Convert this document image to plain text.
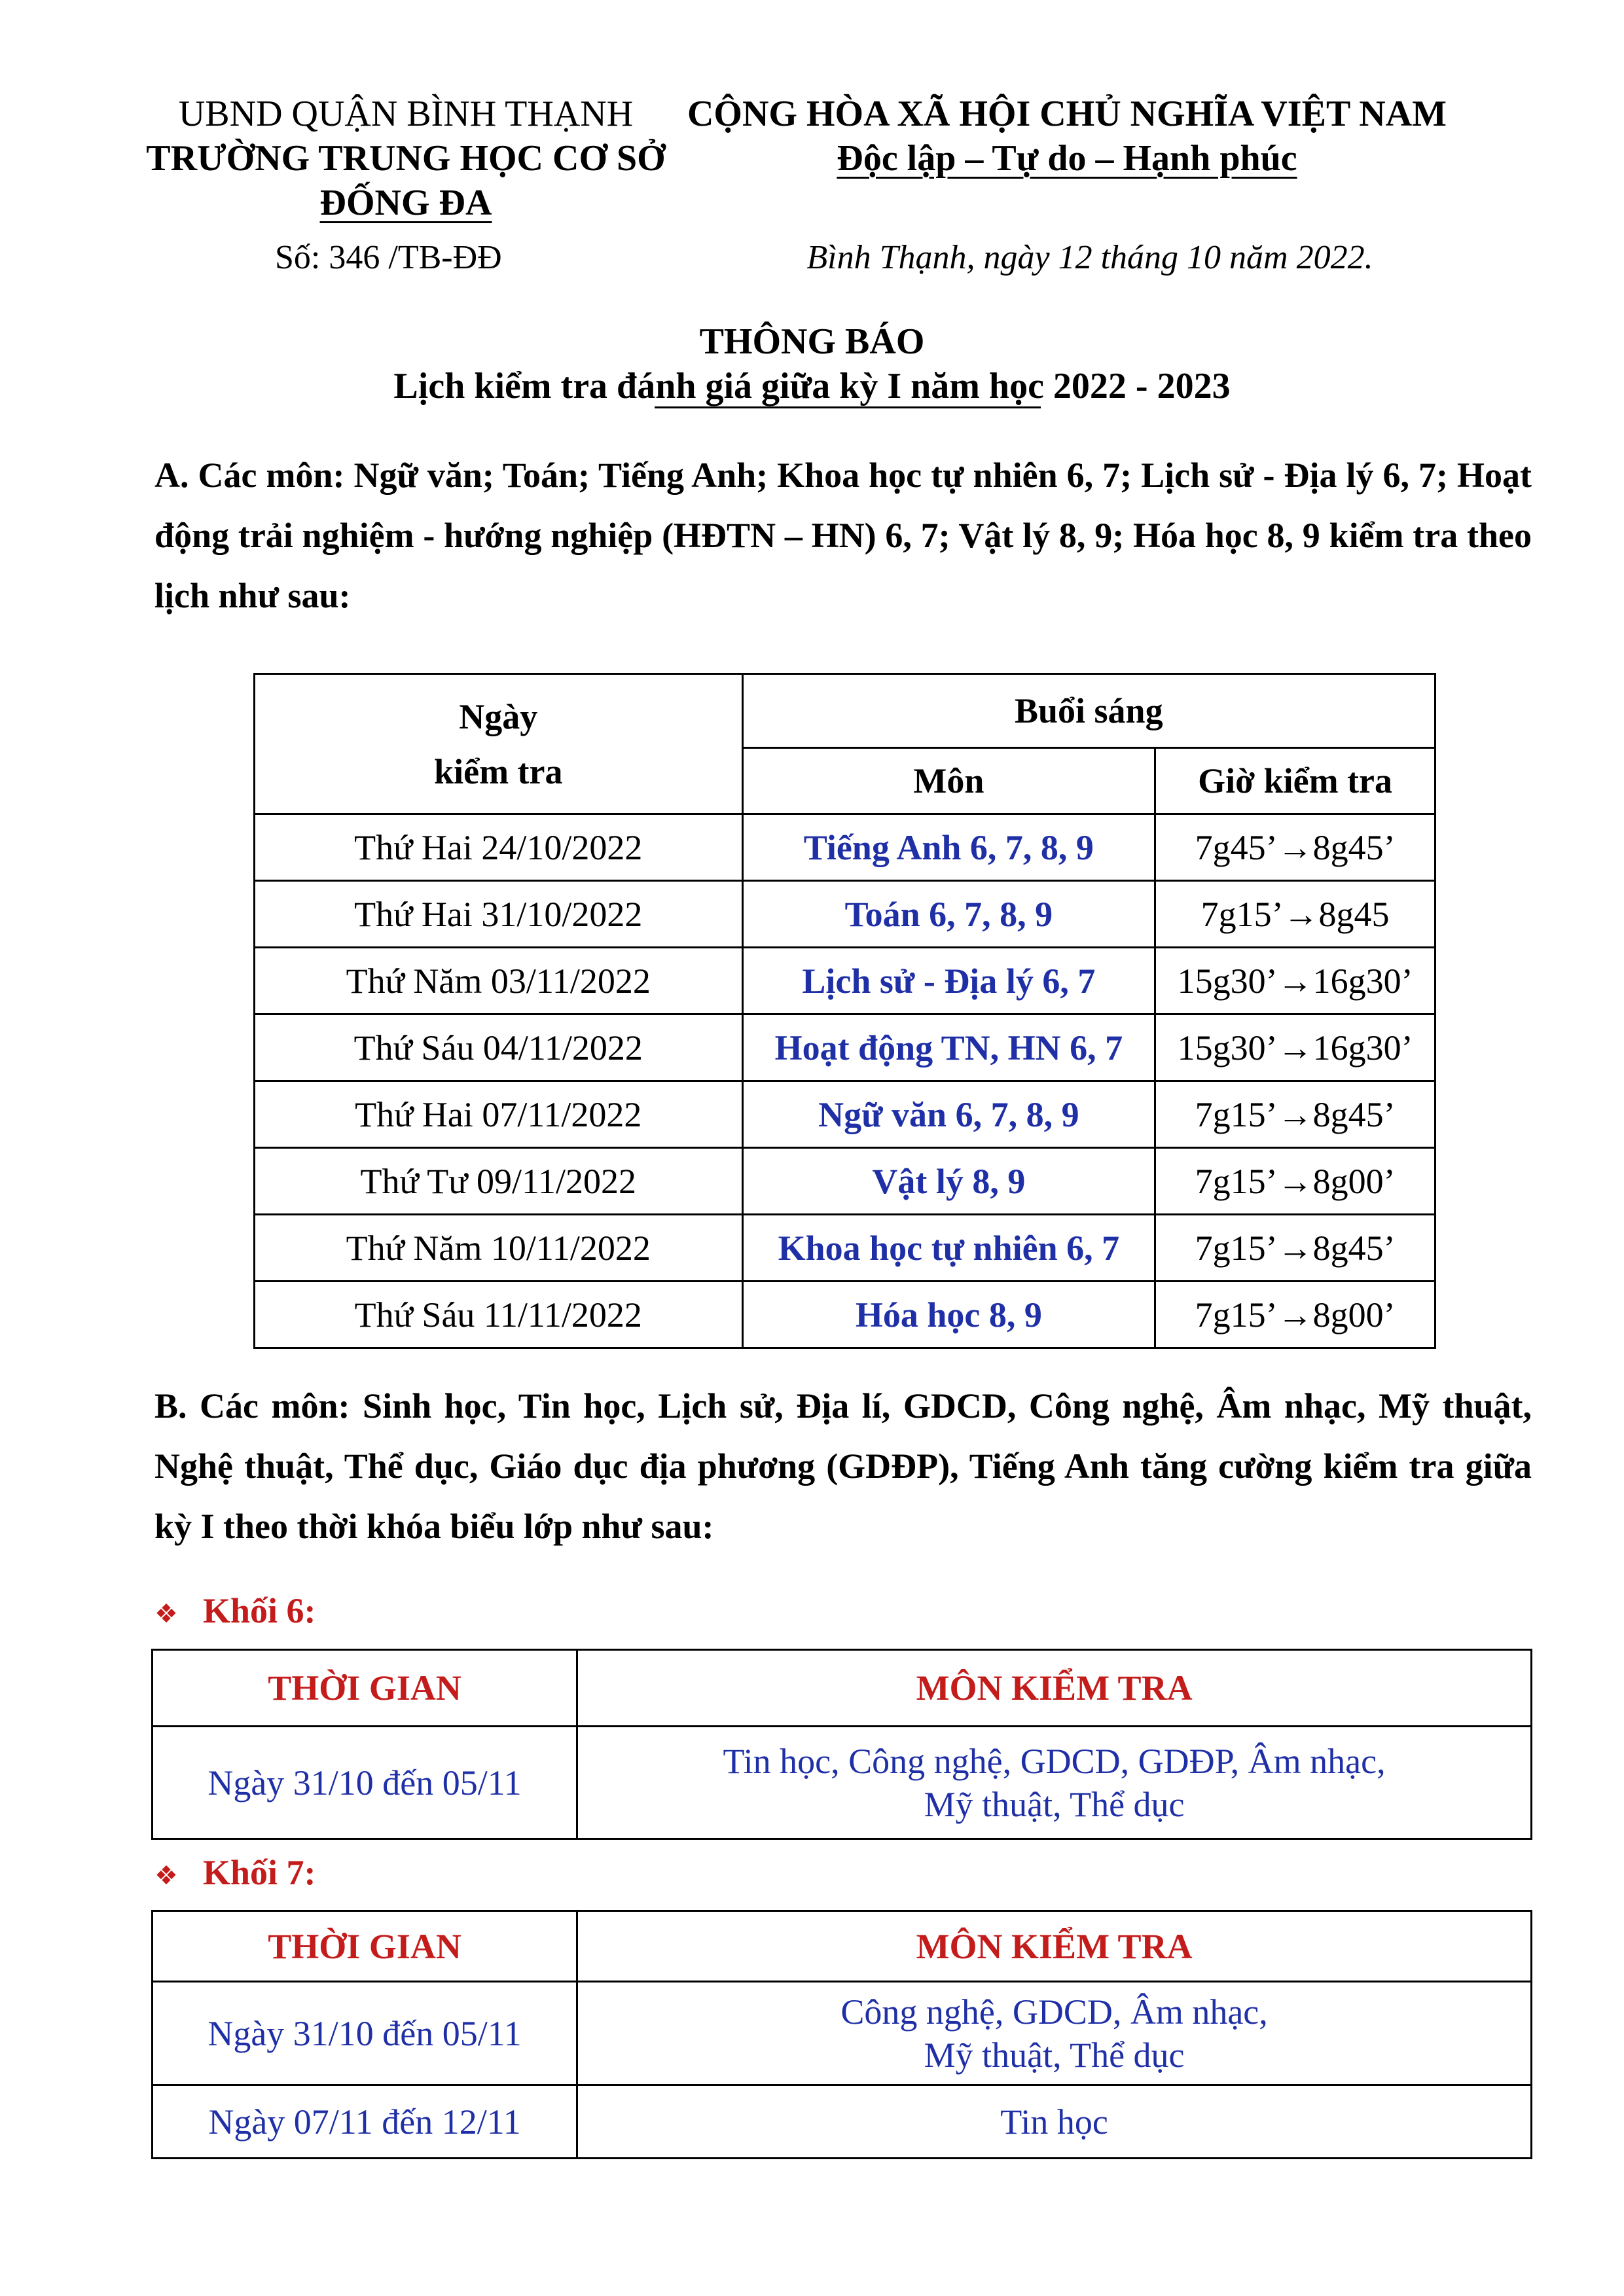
UBND QUẬN BÌNH THẠNH
TRƯỜNG TRUNG HỌC CƠ SỞ
ĐỐNG ĐA
Số: 346 /TB-ĐĐ
CỘNG HÒA XÃ HỘI CHỦ NGHĨA VIỆT NAM
Độc lập – Tự do – Hạnh phúc
Bình Thạnh, ngày 12 tháng 10 năm 2022.
THÔNG BÁO
Lịch kiểm tra đánh giá giữa kỳ I năm học 2022 - 2023
A. Các môn: Ngữ văn; Toán; Tiếng Anh; Khoa học tự nhiên 6, 7; Lịch sử - Địa lý 6, 7; Hoạt động trải nghiệm - hướng nghiệp (HĐTN – HN) 6, 7; Vật lý 8, 9; Hóa học 8, 9 kiểm tra theo lịch như sau:
Ngày
kiểm tra	Buổi sáng	
	Môn	Giờ kiểm tra
Thứ Hai 24/10/2022	Tiếng Anh 6, 7, 8, 9	7g45’→8g45’
Thứ Hai 31/10/2022	Toán 6, 7, 8, 9	7g15’→8g45
Thứ Năm 03/11/2022	Lịch sử - Địa lý 6, 7	15g30’→16g30’
Thứ Sáu 04/11/2022	Hoạt động TN, HN 6, 7	15g30’→16g30’
Thứ Hai 07/11/2022	Ngữ văn 6, 7, 8, 9	7g15’→8g45’
Thứ Tư 09/11/2022	Vật lý 8, 9	7g15’→8g00’
Thứ Năm 10/11/2022	Khoa học tự nhiên 6, 7	7g15’→8g45’
Thứ Sáu 11/11/2022	Hóa học 8, 9	7g15’→8g00’
B. Các môn: Sinh học, Tin học, Lịch sử, Địa lí, GDCD, Công nghệ, Âm nhạc, Mỹ thuật, Nghệ thuật, Thể dục, Giáo dục địa phương (GDĐP), Tiếng Anh tăng cường kiểm tra giữa kỳ I theo thời khóa biểu lớp như sau:
❖ Khối 6:
THỜI GIAN	MÔN KIỂM TRA
Ngày 31/10 đến 05/11	Tin học, Công nghệ, GDCD, GDĐP, Âm nhạc,
Mỹ thuật, Thể dục
❖ Khối 7:
THỜI GIAN	MÔN KIỂM TRA
Ngày 31/10 đến 05/11	Công nghệ, GDCD, Âm nhạc,
Mỹ thuật, Thể dục

Ngày 07/11 đến 12/11	Tin học
